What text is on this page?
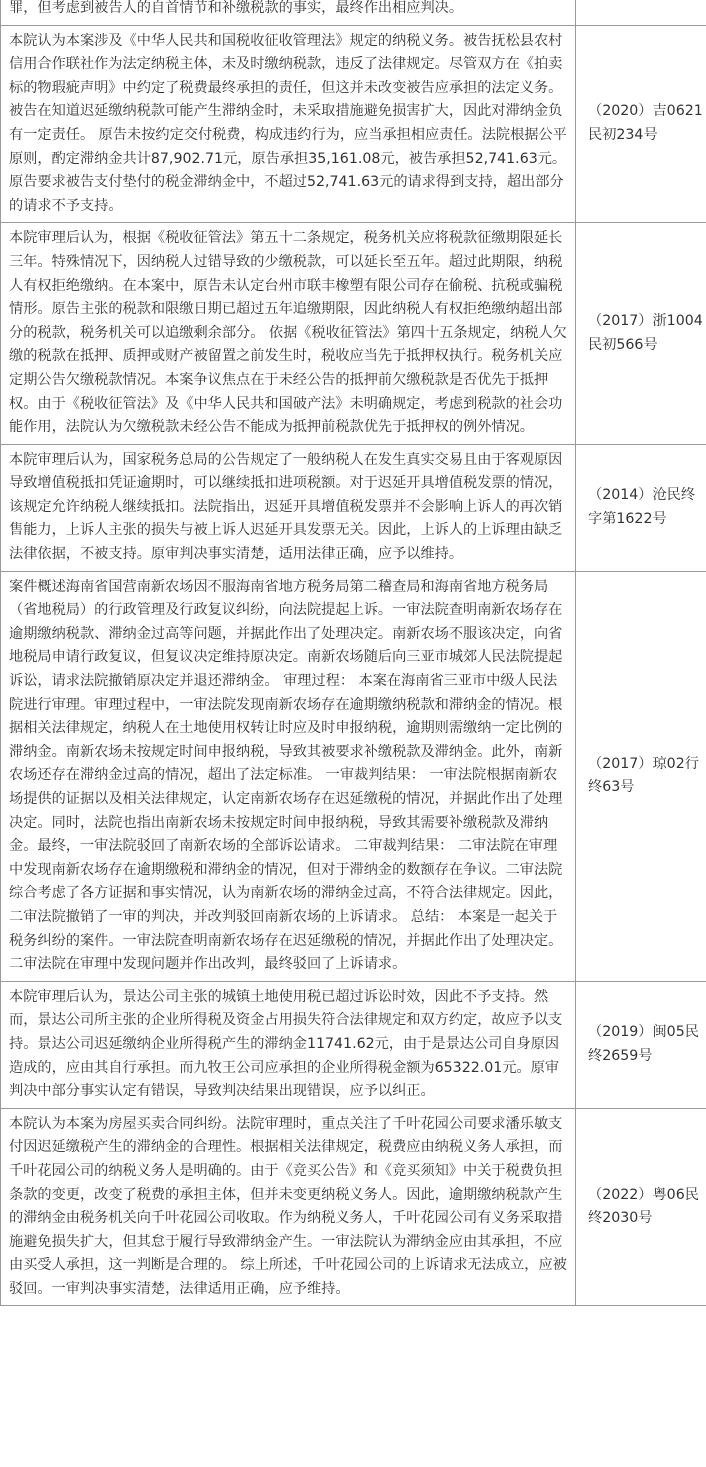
罪，但考虑到被告人的自首情节和补缴税款的事实，最终作出相应判决。	
本院认为本案涉及《中华人民共和国税收征收管理法》规定的纳税义务。被告抚松县农村信用合作联社作为法定纳税主体，未及时缴纳税款，违反了法律规定。尽管双方在《拍卖标的物瑕疵声明》中约定了税费最终承担的责任，但这并未改变被告应承担的法定义务。被告在知道迟延缴纳税款可能产生滞纳金时，未采取措施避免损害扩大，因此对滞纳金负有一定责任。 原告未按约定交付税费，构成违约行为，应当承担相应责任。法院根据公平原则，酌定滞纳金共计87,902.71元，原告承担35,161.08元，被告承担52,741.63元。原告要求被告支付垫付的税金滞纳金中，不超过52,741.63元的请求得到支持，超出部分的请求不予支持。	（2020）吉0621民初234号
本院审理后认为，根据《税收征管法》第五十二条规定，税务机关应将税款征缴期限延长三年。特殊情况下，因纳税人过错导致的少缴税款，可以延长至五年。超过此期限，纳税人有权拒绝缴纳。在本案中，原告未认定台州市联丰橡塑有限公司存在偷税、抗税或骗税情形。原告主张的税款和限缴日期已超过五年追缴期限，因此纳税人有权拒绝缴纳超出部分的税款，税务机关可以追缴剩余部分。 依据《税收征管法》第四十五条规定，纳税人欠缴的税款在抵押、质押或财产被留置之前发生时，税收应当先于抵押权执行。税务机关应定期公告欠缴税款情况。本案争议焦点在于未经公告的抵押前欠缴税款是否优先于抵押权。由于《税收征管法》及《中华人民共和国破产法》未明确规定，考虑到税款的社会功能作用，法院认为欠缴税款未经公告不能成为抵押前税款优先于抵押权的例外情况。	（2017）浙1004民初566号
本院审理后认为，国家税务总局的公告规定了一般纳税人在发生真实交易且由于客观原因导致增值税抵扣凭证逾期时，可以继续抵扣进项税额。对于迟延开具增值税发票的情况，该规定允许纳税人继续抵扣。法院指出，迟延开具增值税发票并不会影响上诉人的再次销售能力，上诉人主张的损失与被上诉人迟延开具发票无关。因此，上诉人的上诉理由缺乏法律依据，不被支持。原审判决事实清楚，适用法律正确，应予以维持。	（2014）沧民终字第1622号
案件概述海南省国营南新农场因不服海南省地方税务局第二稽查局和海南省地方税务局（省地税局）的行政管理及行政复议纠纷，向法院提起上诉。一审法院查明南新农场存在逾期缴纳税款、滞纳金过高等问题，并据此作出了处理决定。南新农场不服该决定，向省地税局申请行政复议，但复议决定维持原决定。南新农场随后向三亚市城郊人民法院提起诉讼，请求法院撤销原决定并退还滞纳金。 审理过程： 本案在海南省三亚市中级人民法院进行审理。审理过程中，一审法院发现南新农场存在逾期缴纳税款和滞纳金的情况。根据相关法律规定，纳税人在土地使用权转让时应及时申报纳税，逾期则需缴纳一定比例的滞纳金。南新农场未按规定时间申报纳税，导致其被要求补缴税款及滞纳金。此外，南新农场还存在滞纳金过高的情况，超出了法定标准。 一审裁判结果： 一审法院根据南新农场提供的证据以及相关法律规定，认定南新农场存在迟延缴税的情况，并据此作出了处理决定。同时，法院也指出南新农场未按规定时间申报纳税，导致其需要补缴税款及滞纳金。最终，一审法院驳回了南新农场的全部诉讼请求。 二审裁判结果： 二审法院在审理中发现南新农场存在逾期缴税和滞纳金的情况，但对于滞纳金的数额存在争议。二审法院综合考虑了各方证据和事实情况，认为南新农场的滞纳金过高，不符合法律规定。因此，二审法院撤销了一审的判决，并改判驳回南新农场的上诉请求。 总结： 本案是一起关于税务纠纷的案件。一审法院查明南新农场存在迟延缴税的情况，并据此作出了处理决定。二审法院在审理中发现问题并作出改判，最终驳回了上诉请求。	（2017）琼02行终63号
本院审理后认为，景达公司主张的城镇土地使用税已超过诉讼时效，因此不予支持。然而，景达公司所主张的企业所得税及资金占用损失符合法律规定和双方约定，故应予以支持。景达公司迟延缴纳企业所得税产生的滞纳金11741.62元，由于是景达公司自身原因造成的，应由其自行承担。而九牧王公司应承担的企业所得税金额为65322.01元。原审判决中部分事实认定有错误，导致判决结果出现错误，应予以纠正。	（2019）闽05民终2659号
本院认为本案为房屋买卖合同纠纷。法院审理时，重点关注了千叶花园公司要求潘乐敏支付因迟延缴税产生的滞纳金的合理性。根据相关法律规定，税费应由纳税义务人承担，而千叶花园公司的纳税义务人是明确的。由于《竞买公告》和《竞买须知》中关于税费负担条款的变更，改变了税费的承担主体，但并未变更纳税义务人。因此，逾期缴纳税款产生的滞纳金由税务机关向千叶花园公司收取。作为纳税义务人，千叶花园公司有义务采取措施避免损失扩大，但其怠于履行导致滞纳金产生。一审法院认为滞纳金应由其承担，不应由买受人承担，这一判断是合理的。 综上所述，千叶花园公司的上诉请求无法成立，应被驳回。一审判决事实清楚，法律适用正确，应予维持。	（2022）粤06民终2030号
